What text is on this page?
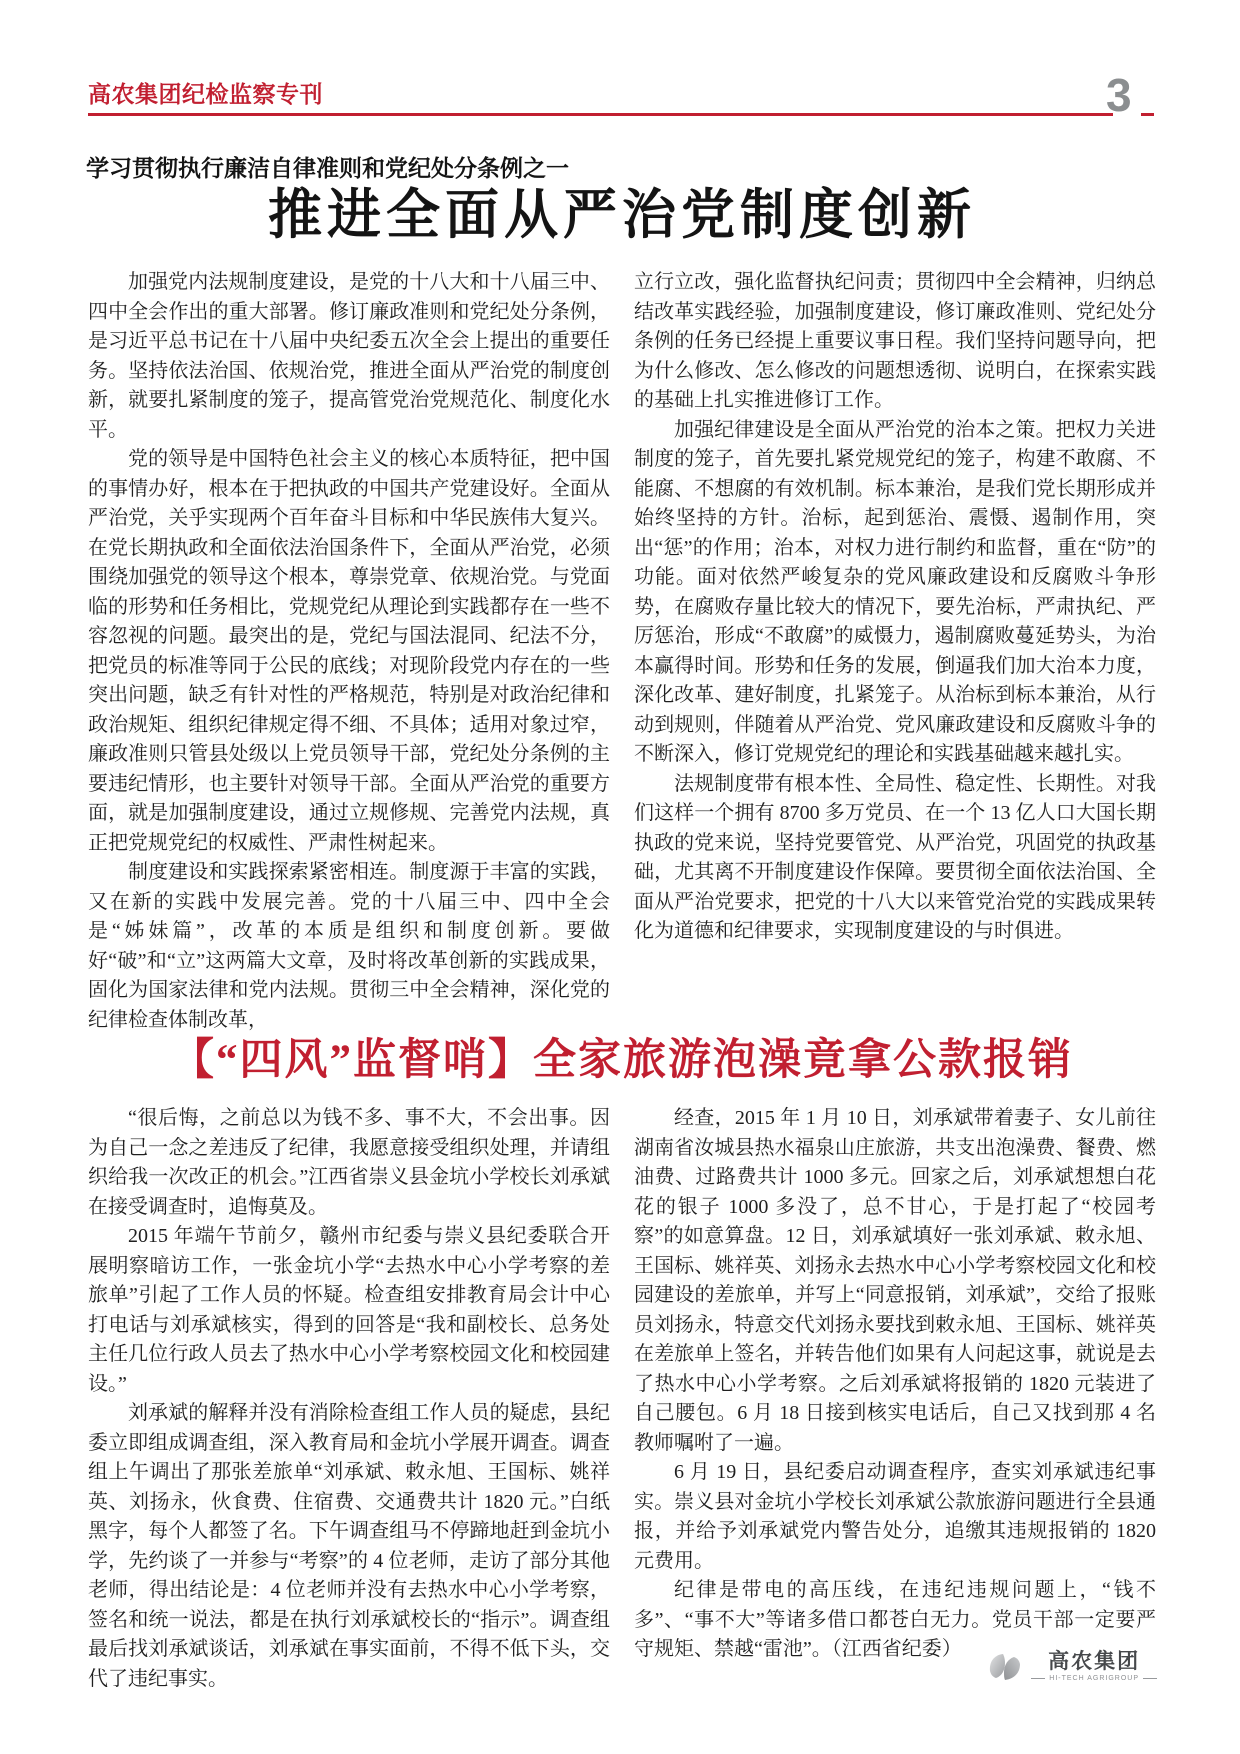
高农集团纪检监察专刊	3
学习贯彻执行廉洁自律准则和党纪处分条例之一
推进全面从严治党制度创新

加强党内法规制度建设，是党的十八大和十八届三中、四中全会作出的重大部署。修订廉政准则和党纪处分条例，是习近平总书记在十八届中央纪委五次全会上提出的重要任务。坚持依法治国、依规治党，推进全面从严治党的制度创新，就要扎紧制度的笼子，提高管党治党规范化、制度化水平。

党的领导是中国特色社会主义的核心本质特征，把中国的事情办好，根本在于把执政的中国共产党建设好。全面从严治党，关乎实现两个百年奋斗目标和中华民族伟大复兴。在党长期执政和全面依法治国条件下，全面从严治党，必须围绕加强党的领导这个根本，尊崇党章、依规治党。与党面临的形势和任务相比，党规党纪从理论到实践都存在一些不容忽视的问题。最突出的是，党纪与国法混同、纪法不分，把党员的标准等同于公民的底线；对现阶段党内存在的一些突出问题，缺乏有针对性的严格规范，特别是对政治纪律和政治规矩、组织纪律规定得不细、不具体；适用对象过窄，廉政准则只管县处级以上党员领导干部，党纪处分条例的主要违纪情形，也主要针对领导干部。全面从严治党的重要方面，就是加强制度建设，通过立规修规、完善党内法规，真正把党规党纪的权威性、严肃性树起来。

制度建设和实践探索紧密相连。制度源于丰富的实践，又在新的实践中发展完善。党的十八届三中、四中全会是“姊妹篇”，改革的本质是组织和制度创新。要做好“破”和“立”这两篇大文章，及时将改革创新的实践成果，固化为国家法律和党内法规。贯彻三中全会精神，深化党的纪律检查体制改革，

立行立改，强化监督执纪问责；贯彻四中全会精神，归纳总结改革实践经验，加强制度建设，修订廉政准则、党纪处分条例的任务已经提上重要议事日程。我们坚持问题导向，把为什么修改、怎么修改的问题想透彻、说明白，在探索实践的基础上扎实推进修订工作。

加强纪律建设是全面从严治党的治本之策。把权力关进制度的笼子，首先要扎紧党规党纪的笼子，构建不敢腐、不能腐、不想腐的有效机制。标本兼治，是我们党长期形成并始终坚持的方针。治标，起到惩治、震慑、遏制作用，突出“惩”的作用；治本，对权力进行制约和监督，重在“防”的功能。面对依然严峻复杂的党风廉政建设和反腐败斗争形势，在腐败存量比较大的情况下，要先治标，严肃执纪、严厉惩治，形成“不敢腐”的威慑力，遏制腐败蔓延势头，为治本赢得时间。形势和任务的发展，倒逼我们加大治本力度，深化改革、建好制度，扎紧笼子。从治标到标本兼治，从行动到规则，伴随着从严治党、党风廉政建设和反腐败斗争的不断深入，修订党规党纪的理论和实践基础越来越扎实。

法规制度带有根本性、全局性、稳定性、长期性。对我们这样一个拥有 8700 多万党员、在一个 13 亿人口大国长期执政的党来说，坚持党要管党、从严治党，巩固党的执政基础，尤其离不开制度建设作保障。要贯彻全面依法治国、全面从严治党要求，把党的十八大以来管党治党的实践成果转化为道德和纪律要求，实现制度建设的与时俱进。

【“四风”监督哨】全家旅游泡澡竟拿公款报销

“很后悔，之前总以为钱不多、事不大，不会出事。因为自己一念之差违反了纪律，我愿意接受组织处理，并请组织给我一次改正的机会。”江西省崇义县金坑小学校长刘承斌在接受调查时，追悔莫及。

2015 年端午节前夕，赣州市纪委与崇义县纪委联合开展明察暗访工作，一张金坑小学“去热水中心小学考察的差旅单”引起了工作人员的怀疑。检查组安排教育局会计中心打电话与刘承斌核实，得到的回答是“我和副校长、总务处主任几位行政人员去了热水中心小学考察校园文化和校园建设。”

刘承斌的解释并没有消除检查组工作人员的疑虑，县纪委立即组成调查组，深入教育局和金坑小学展开调查。调查组上午调出了那张差旅单“刘承斌、敕永旭、王国标、姚祥英、刘扬永，伙食费、住宿费、交通费共计 1820 元。”白纸黑字，每个人都签了名。下午调查组马不停蹄地赶到金坑小学，先约谈了一并参与“考察”的 4 位老师，走访了部分其他老师，得出结论是：4 位老师并没有去热水中心小学考察，签名和统一说法，都是在执行刘承斌校长的“指示”。调查组最后找刘承斌谈话，刘承斌在事实面前，不得不低下头，交代了违纪事实。

经查，2015 年 1 月 10 日，刘承斌带着妻子、女儿前往湖南省汝城县热水福泉山庄旅游，共支出泡澡费、餐费、燃油费、过路费共计 1000 多元。回家之后，刘承斌想想白花花的银子 1000 多没了，总不甘心，于是打起了“校园考察”的如意算盘。12 日，刘承斌填好一张刘承斌、敕永旭、王国标、姚祥英、刘扬永去热水中心小学考察校园文化和校园建设的差旅单，并写上“同意报销，刘承斌”，交给了报账员刘扬永，特意交代刘扬永要找到敕永旭、王国标、姚祥英在差旅单上签名，并转告他们如果有人问起这事，就说是去了热水中心小学考察。之后刘承斌将报销的 1820 元装进了自己腰包。6 月 18 日接到核实电话后，自己又找到那 4 名教师嘱咐了一遍。

6 月 19 日，县纪委启动调查程序，查实刘承斌违纪事实。崇义县对金坑小学校长刘承斌公款旅游问题进行全县通报，并给予刘承斌党内警告处分，追缴其违规报销的 1820 元费用。

纪律是带电的高压线，在违纪违规问题上，“钱不多”、“事不大”等诸多借口都苍白无力。党员干部一定要严守规矩、禁越“雷池”。（江西省纪委）

高农集团
HI-TECH AGRIGROUP
